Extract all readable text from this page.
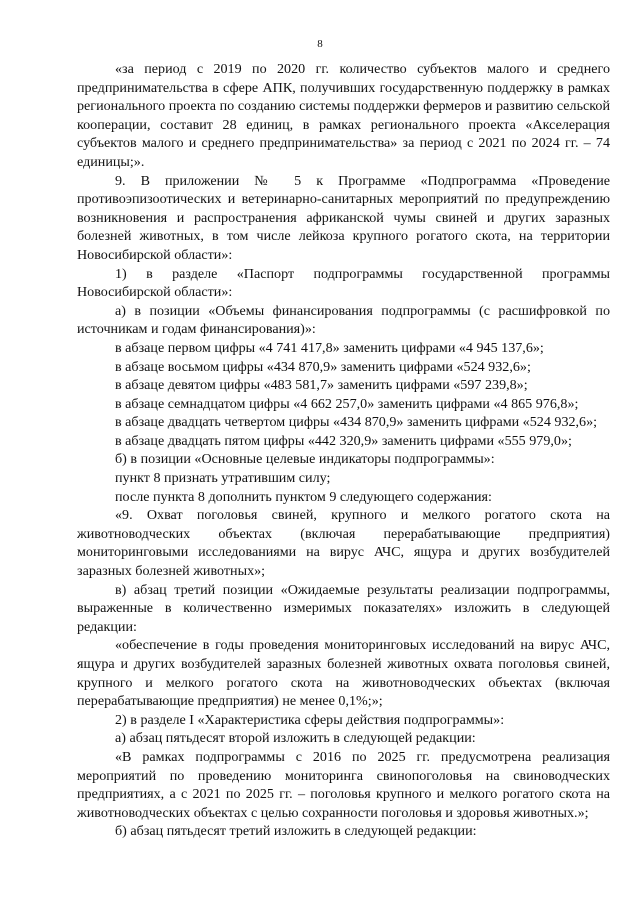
8

«за период с 2019 по 2020 гг. количество субъектов малого и среднего предпринимательства в сфере АПК, получивших государственную поддержку в рамках регионального проекта по созданию системы поддержки фермеров и развитию сельской кооперации, составит 28 единиц, в рамках регионального проекта «Акселерация субъектов малого и среднего предпринимательства» за период с 2021 по 2024 гг. – 74 единицы;».

9. В приложении № 5 к Программе «Подпрограмма «Проведение противоэпизоотических и ветеринарно-санитарных мероприятий по предупреждению возникновения и распространения африканской чумы свиней и других заразных болезней животных, в том числе лейкоза крупного рогатого скота, на территории Новосибирской области»:

1) в разделе «Паспорт подпрограммы государственной программы Новосибирской области»:

а) в позиции «Объемы финансирования подпрограммы (с расшифровкой по источникам и годам финансирования)»:

в абзаце первом цифры «4 741 417,8» заменить цифрами «4 945 137,6»;

в абзаце восьмом цифры «434 870,9» заменить цифрами «524 932,6»;

в абзаце девятом цифры «483 581,7» заменить цифрами «597 239,8»;

в абзаце семнадцатом цифры «4 662 257,0» заменить цифрами «4 865 976,8»;

в абзаце двадцать четвертом цифры «434 870,9» заменить цифрами «524 932,6»;

в абзаце двадцать пятом цифры «442 320,9» заменить цифрами «555 979,0»;

б) в позиции «Основные целевые индикаторы подпрограммы»:

пункт 8 признать утратившим силу;

после пункта 8 дополнить пунктом 9 следующего содержания:

«9. Охват поголовья свиней, крупного и мелкого рогатого скота на животноводческих объектах (включая перерабатывающие предприятия) мониторинговыми исследованиями на вирус АЧС, ящура и других возбудителей заразных болезней животных»;

в) абзац третий позиции «Ожидаемые результаты реализации подпрограммы, выраженные в количественно измеримых показателях» изложить в следующей редакции:

«обеспечение в годы проведения мониторинговых исследований на вирус АЧС, ящура и других возбудителей заразных болезней животных охвата поголовья свиней, крупного и мелкого рогатого скота на животноводческих объектах (включая перерабатывающие предприятия) не менее 0,1%;»;

2) в разделе I «Характеристика сферы действия подпрограммы»:

а) абзац пятьдесят второй изложить в следующей редакции:

«В рамках подпрограммы с 2016 по 2025 гг. предусмотрена реализация мероприятий по проведению мониторинга свинопоголовья на свиноводческих предприятиях, а с 2021 по 2025 гг. – поголовья крупного и мелкого рогатого скота на животноводческих объектах с целью сохранности поголовья и здоровья животных.»;

б) абзац пятьдесят третий изложить в следующей редакции:
